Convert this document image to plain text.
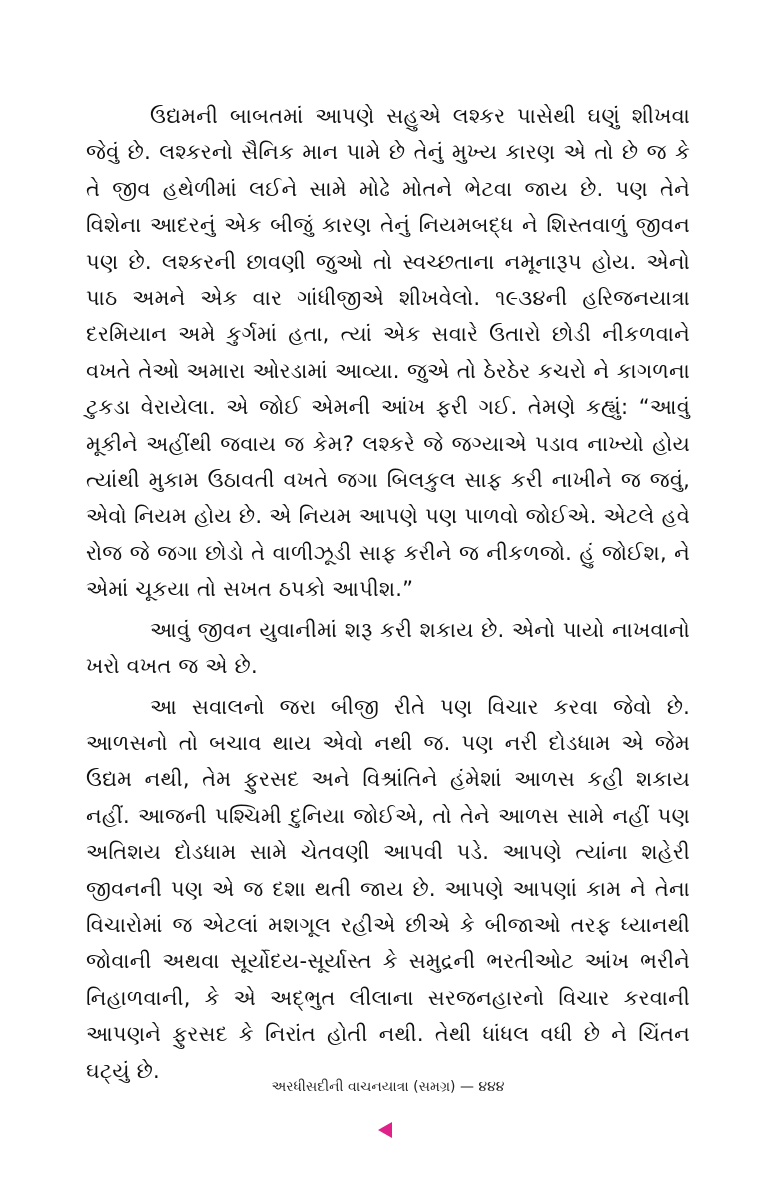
ઉદ્યમની બાબતમાં આપણે સહુએ લશ્કર પાસેથી ઘણું શીખવા જેવું છે. લશ્કરનો સૈનિક માન પામે છે તેનું મુખ્ય કારણ એ તો છે જ કે તે જીવ હથેળીમાં લઈને સામે મોઢે મોતને ભેટવા જાય છે. પણ તેને વિશેના આદરનું એક બીજું કારણ તેનું નિયમબદ્ધ ને શિસ્તવાળું જીવન પણ છે. લશ્કરની છાવણી જુઓ તો સ્વચ્છતાના નમૂનારૂપ હોય. એનો પાઠ અમને એક વાર ગાંધીજીએ શીખવેલો. ૧૯૩૪ની હરિજનયાત્રા દરમિયાન અમે કુર્ગમાં હતા, ત્યાં એક સવારે ઉતારો છોડી નીકળવાને વખતે તેઓ અમારા ઓરડામાં આવ્યા. જુએ તો ઠેરઠેર કચરો ને કાગળના ટુકડા વેરાયેલા. એ જોઈ એમની આંખ ફરી ગઈ. તેમણે કહ્યું: “આવું મૂકીને અહીંથી જવાય જ કેમ? લશ્કરે જે જગ્યાએ પડાવ નાખ્યો હોય ત્યાંથી મુકામ ઉઠાવતી વખતે જગા બિલકુલ સાફ કરી નાખીને જ જવું, એવો નિયમ હોય છે. એ નિયમ આપણે પણ પાળવો જોઈએ. એટલે હવે રોજ જે જગા છોડો તે વાળીઝૂડી સાફ કરીને જ નીકળજો. હું જોઈશ, ને એમાં ચૂકયા તો સખત ઠપકો આપીશ.”

આવું જીવન યુવાનીમાં શરૂ કરી શકાય છે. એનો પાયો નાખવાનો ખરો વખત જ એ છે.

આ સવાલનો જરા બીજી રીતે પણ વિચાર કરવા જેવો છે. આળસનો તો બચાવ થાય એવો નથી જ. પણ નરી દોડધામ એ જેમ ઉદ્યમ નથી, તેમ ફુરસદ અને વિશ્રાંતિને હંમેશાં આળસ કહી શકાય નહીં. આજની પશ્ચિમી દુનિયા જોઈએ, તો તેને આળસ સામે નહીં પણ અતિશય દોડધામ સામે ચેતવણી આપવી પડે. આપણે ત્યાંના શહેરી જીવનની પણ એ જ દશા થતી જાય છે. આપણે આપણાં કામ ને તેના વિચારોમાં જ એટલાં મશગૂલ રહીએ છીએ કે બીજાઓ તરફ ધ્યાનથી જોવાની અથવા સૂર્યોદય-સૂર્યાસ્ત કે સમુદ્રની ભરતીઓટ આંખ ભરીને નિહાળવાની, કે એ અદ્ભુત લીલાના સરજનહારનો વિચાર કરવાની આપણને ફુરસદ કે નિરાંત હોતી નથી. તેથી ધાંધલ વધી છે ને ચિંતન ઘટ્યું છે.

અરધીસદીની વાચનયાત્રા (સમગ્ર) — ૪૪૪
